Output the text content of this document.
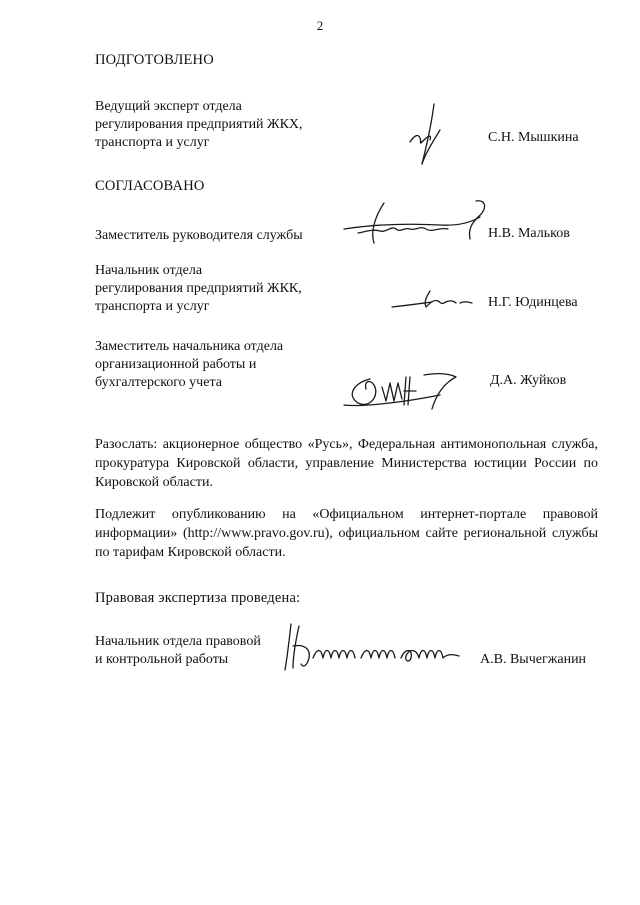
2
ПОДГОТОВЛЕНО
Ведущий эксперт отдела
регулирования предприятий ЖКХ,
транспорта и услуг	С.Н. Мышкина
СОГЛАСОВАНО
Заместитель руководителя службы	Н.В. Мальков
Начальник отдела
регулирования предприятий ЖКК,
транспорта и услуг	Н.Г. Юдинцева
Заместитель начальника отдела
организационной работы и
бухгалтерского учета	Д.А. Жуйков
Разослать: акционерное общество «Русь», Федеральная антимонопольная служба, прокуратура Кировской области, управление Министерства юстиции России по Кировской области.
Подлежит опубликованию на «Официальном интернет-портале правовой информации» (http://www.pravo.gov.ru), официальном сайте региональной службы по тарифам Кировской области.
Правовая экспертиза проведена:
Начальник отдела правовой
и контрольной работы	А.В. Вычегжанин
